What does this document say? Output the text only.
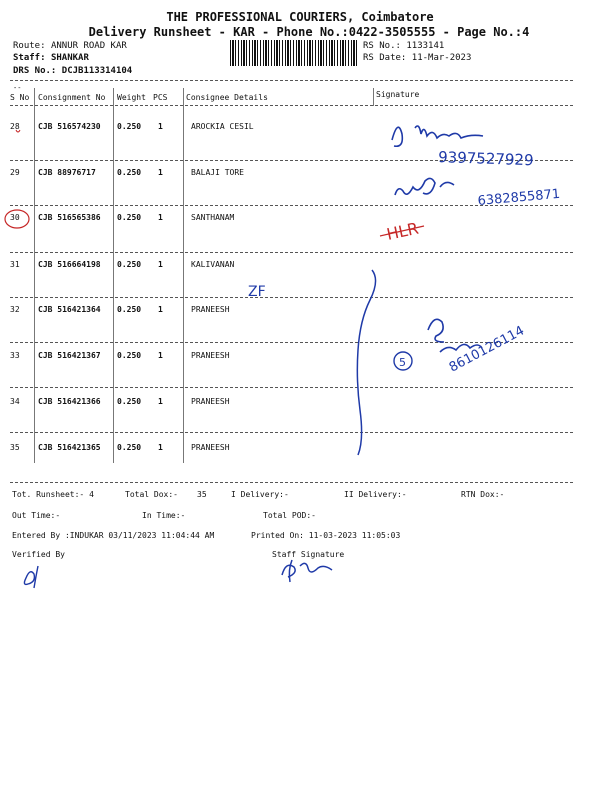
THE PROFESSIONAL COURIERS, Coimbatore
Delivery Runsheet - KAR - Phone No.:0422-3505555 - Page No.:4
Route: ANNUR ROAD KAR
Staff: SHANKAR
DRS No.: DCJB113314104
RS No.: 1133141
RS Date: 11-Mar-2023
--
S No Consignment No Weight PCS Consignee Details	Signature
28 CJB 516574230 0.250 1	AROCKIA CESIL
29 CJB 88976717	0.250 1	BALAJI TORE
30 CJB 516565386 0.250 1	SANTHANAM
31 CJB 516664198 0.250 1	KALIVANAN
32 CJB 516421364 0.250 1	PRANEESH
33 CJB 516421367 0.250 1	PRANEESH
34 CJB 516421366 0.250 1	PRANEESH
35 CJB 516421365 0.250 1	PRANEESH
Tot. Runsheet:- 4	Total Dox:- 35	I Delivery:-	II Delivery:-	RTN Dox:-
Out Time:-	In Time:-	Total POD:-
Entered By :INDUKAR 03/11/2023 11:04:44 AM	Printed On: 11-03-2023 11:05:03
Verified By	Staff Signature
9397527929
6382855871
HLR
ZF
5	8610126114
